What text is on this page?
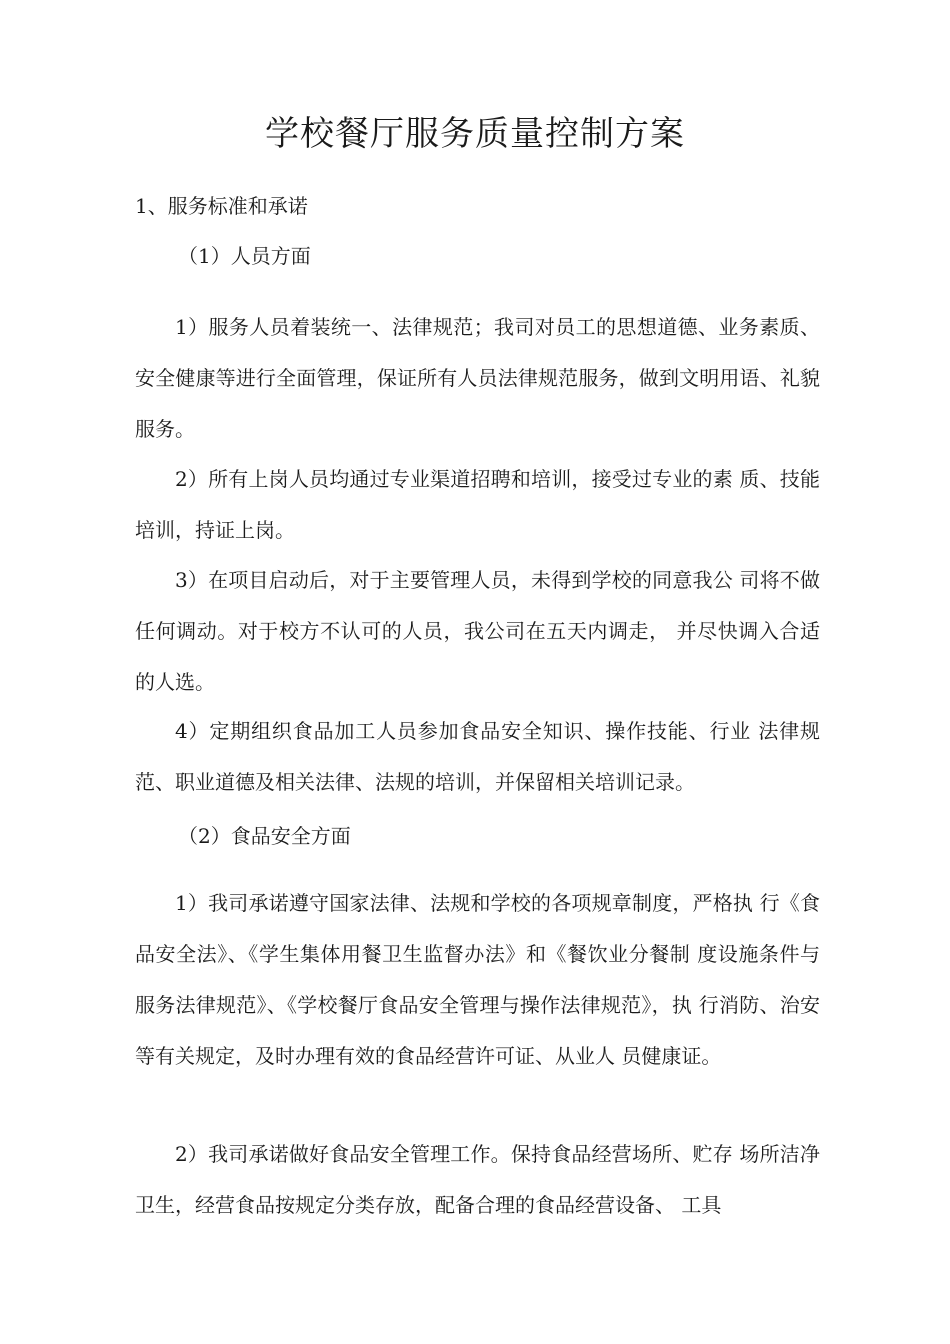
学校餐厅服务质量控制方案

1、服务标准和承诺

（1）人员方面

1）服务人员着装统一、法律规范；我司对员工的思想道德、业务素质、安全健康等进行全面管理，保证所有人员法律规范服务，做到文明用语、礼貌服务。

2）所有上岗人员均通过专业渠道招聘和培训，接受过专业的素 质、技能培训，持证上岗。

3）在项目启动后，对于主要管理人员，未得到学校的同意我公 司将不做任何调动。对于校方不认可的人员，我公司在五天内调走， 并尽快调入合适的人选。

4）定期组织食品加工人员参加食品安全知识、操作技能、行业 法律规范、职业道德及相关法律、法规的培训，并保留相关培训记录。

（2）食品安全方面

1）我司承诺遵守国家法律、法规和学校的各项规章制度，严格执 行《食品安全法》、《学生集体用餐卫生监督办法》和《餐饮业分餐制 度设施条件与服务法律规范》、《学校餐厅食品安全管理与操作法律规范》，执 行消防、治安等有关规定，及时办理有效的食品经营许可证、从业人 员健康证。

2）我司承诺做好食品安全管理工作。保持食品经营场所、贮存 场所洁净卫生，经营食品按规定分类存放，配备合理的食品经营设备、 工具
